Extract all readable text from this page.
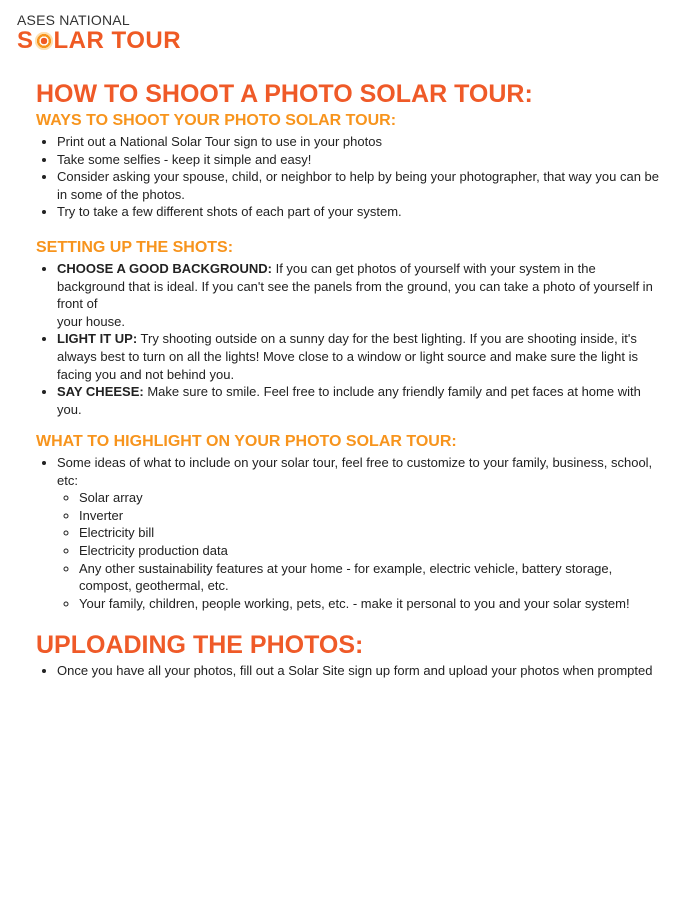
ASES NATIONAL
S LAR TOUR
HOW TO SHOOT A PHOTO SOLAR TOUR:
WAYS TO SHOOT YOUR PHOTO SOLAR TOUR:
• Print out a National Solar Tour sign to use in your photos
• Take some selfies - keep it simple and easy!
• Consider asking your spouse, child, or neighbor to help by being your photographer, that way you can be in some of the photos.
• Try to take a few different shots of each part of your system.
SETTING UP THE SHOTS:
• CHOOSE A GOOD BACKGROUND: If you can get photos of yourself with your system in the background that is ideal. If you can't see the panels from the ground, you can take a photo of yourself in front of
your house.
• LIGHT IT UP: Try shooting outside on a sunny day for the best lighting. If you are shooting inside, it's always best to turn on all the lights! Move close to a window or light source and make sure the light is facing you and not behind you.
• SAY CHEESE: Make sure to smile. Feel free to include any friendly family and pet faces at home with you.
WHAT TO HIGHLIGHT ON YOUR PHOTO SOLAR TOUR:
• Some ideas of what to include on your solar tour, feel free to customize to your family, business, school, etc:
◦ Solar array
◦ Inverter
◦ Electricity bill
◦ Electricity production data
◦ Any other sustainability features at your home - for example, electric vehicle, battery storage, compost, geothermal, etc.
◦ Your family, children, people working, pets, etc. - make it personal to you and your solar system!
UPLOADING THE PHOTOS:
• Once you have all your photos, fill out a Solar Site sign up form and upload your photos when prompted
